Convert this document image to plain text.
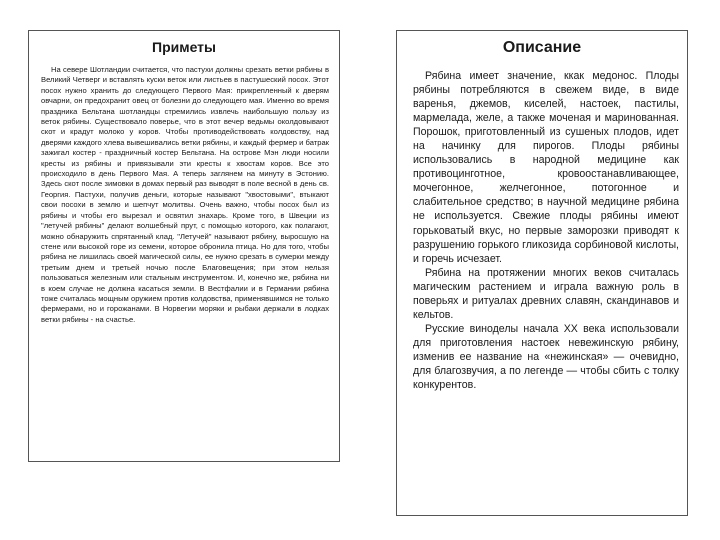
Приметы
На севере Шотландии считается, что пастухи должны срезать ветки рябины в Великий Четверг и вставлять куски веток или листьев в пастушеский посох. Этот посох нужно хранить до следующего Первого Мая: прикрепленный к дверям овчарни, он предохранит овец от болезни до следующего мая. Именно во время праздника Бельтана шотландцы стремились извлечь наибольшую пользу из веток рябины. Существовало поверье, что в этот вечер ведьмы околдовывают скот и крадут молоко у коров. Чтобы противодействовать колдовству, над дверями каждого хлева вывешивались ветки рябины, и каждый фермер и батрак зажигал костер - праздничный костер Бельтана. На острове Мэн люди носили кресты из рябины и привязывали эти кресты к хвостам коров. Все это происходило в день Первого Мая. А теперь заглянем на минуту в Эстонию. Здесь скот после зимовки в домах первый раз выводят в поле весной в день св. Георгия. Пастухи, получив деньги, которые называют "хвостовыми", втыкают свои посохи в землю и шепчут молитвы. Очень важно, чтобы посох был из рябины и чтобы его вырезал и освятил знахарь. Кроме того, в Швеции из "летучей рябины" делают волшебный прут, с помощью которого, как полагают, можно обнаружить спрятанный клад. "Летучей" называют рябину, выросшую на стене или высокой горе из семени, которое обронила птица. Но для того, чтобы рябина не лишилась своей магической силы, ее нужно срезать в сумерки между третьим днем и третьей ночью после Благовещения; при этом нельзя пользоваться железным или стальным инструментом. И, конечно же, рябина ни в коем случае не должна касаться земли. В Вестфалии и в Германии рябина тоже считалась мощным оружием против колдовства, применявшимся не только фермерами, но и горожанами. В Норвегии моряки и рыбаки держали в лодках ветки рябины - на счастье.
Описание

Рябина имеет значение, ккак медонос. Плоды рябины потребляются в свежем виде, в виде варенья, джемов, киселей, настоек, пастилы, мармелада, желе, а также моченая и маринованная. Порошок, приготовленный из сушеных плодов, идет на начинку для пирогов. Плоды рябины использовались в народной медицине как противоцинготное, кровоостанавливающее, мочегонное, желчегонное, потогонное и слабительное средство; в научной медицине рябина не используется. Свежие плоды рябины имеют горьковатый вкус, но первые заморозки приводят к разрушению горького гликозида сорбиновой кислоты, и горечь исчезает.

Рябина на протяжении многих веков считалась магическим растением и играла важную роль в поверьях и ритуалах древних славян, скандинавов и кельтов.

Русские виноделы начала XX века использовали для приготовления настоек невежинскую рябину, изменив ее название на «нежинская» — очевидно, для благозвучия, а по легенде — чтобы сбить с толку конкурентов.
